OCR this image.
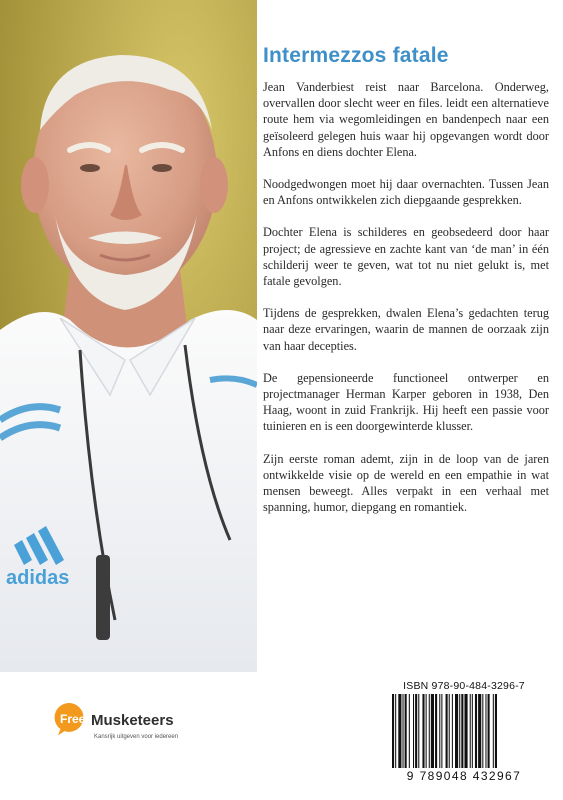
adidas
Intermezzos fatale

Jean Vanderbiest reist naar Barcelona. Onderweg, overvallen door slecht weer en files. leidt een alternatieve route hem via wegomleidingen en bandenpech naar een geïsoleerd gelegen huis waar hij opgevangen wordt door Anfons en diens dochter Elena.

Noodgedwongen moet hij daar overnachten. Tussen Jean en Anfons ontwikkelen zich diepgaande gesprekken.

Dochter Elena is schilderes en geobsedeerd door haar project; de agressieve en zachte kant van ‘de man’ in één schilderij weer te geven, wat tot nu niet gelukt is, met fatale gevolgen.

Tijdens de gesprekken, dwalen Elena’s gedachten terug naar deze ervaringen, waarin de mannen de oorzaak zijn van haar decepties.

De gepensioneerde functioneel ontwerper en projectmanager Herman Karper geboren in 1938, Den Haag, woont in zuid Frankrijk. Hij heeft een passie voor tuinieren en is een doorgewinterde klusser.

Zijn eerste roman ademt, zijn in de loop van de jaren ontwikkelde visie op de wereld en een empathie in wat mensen beweegt. Alles verpakt in een verhaal met spanning, humor, diepgang en romantiek.

Free Musketeers
Kansrijk uitgeven voor iedereen
ISBN 978-90-484-3296-7
9 789048 432967
